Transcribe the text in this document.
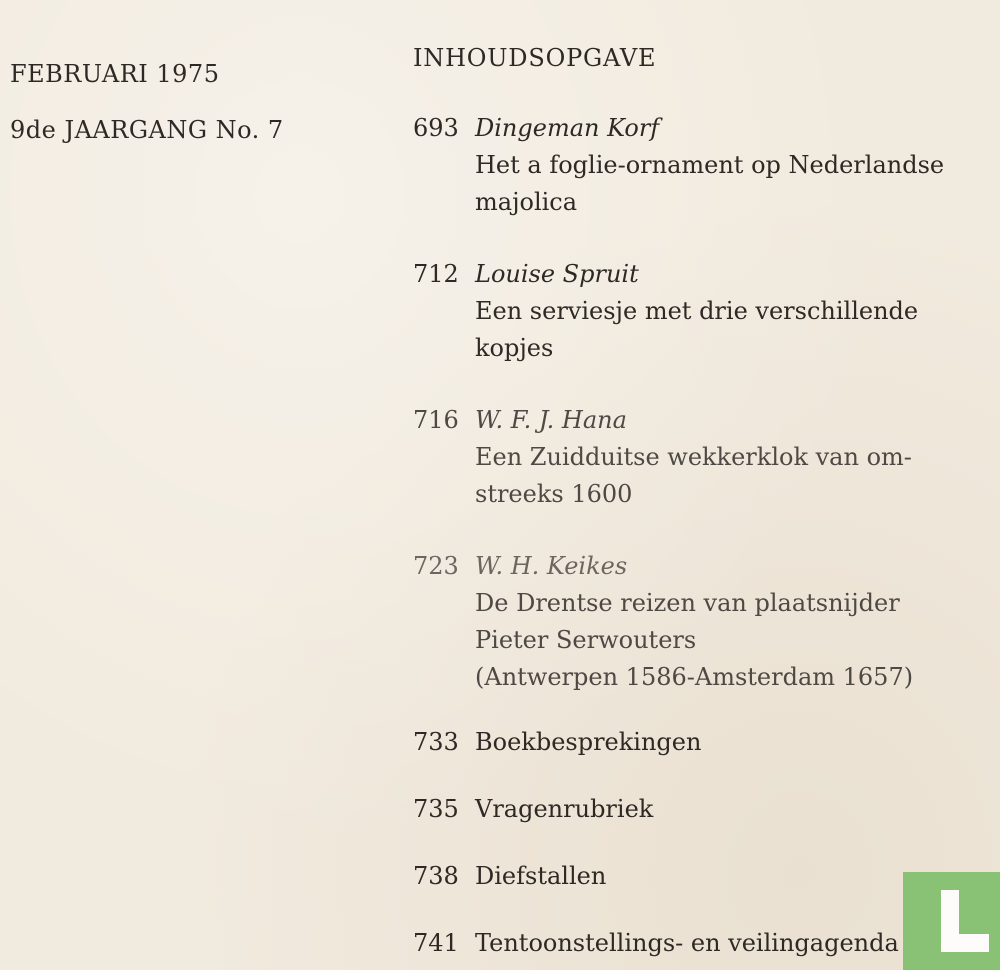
FEBRUARI 1975
9de JAARGANG No. 7
INHOUDSOPGAVE
693 Dingeman Korf
Het a foglie-ornament op Nederlandse
majolica
712 Louise Spruit
Een serviesje met drie verschillende
kopjes
716 W. F. J. Hana
Een Zuidduitse wekkerklok van om-
streeks 1600
723 W. H. Keikes
De Drentse reizen van plaatsnijder
Pieter Serwouters
(Antwerpen 1586-Amsterdam 1657)
733 Boekbesprekingen
735 Vragenrubriek
738 Diefstallen
741 Tentoonstellings- en veilingagenda
